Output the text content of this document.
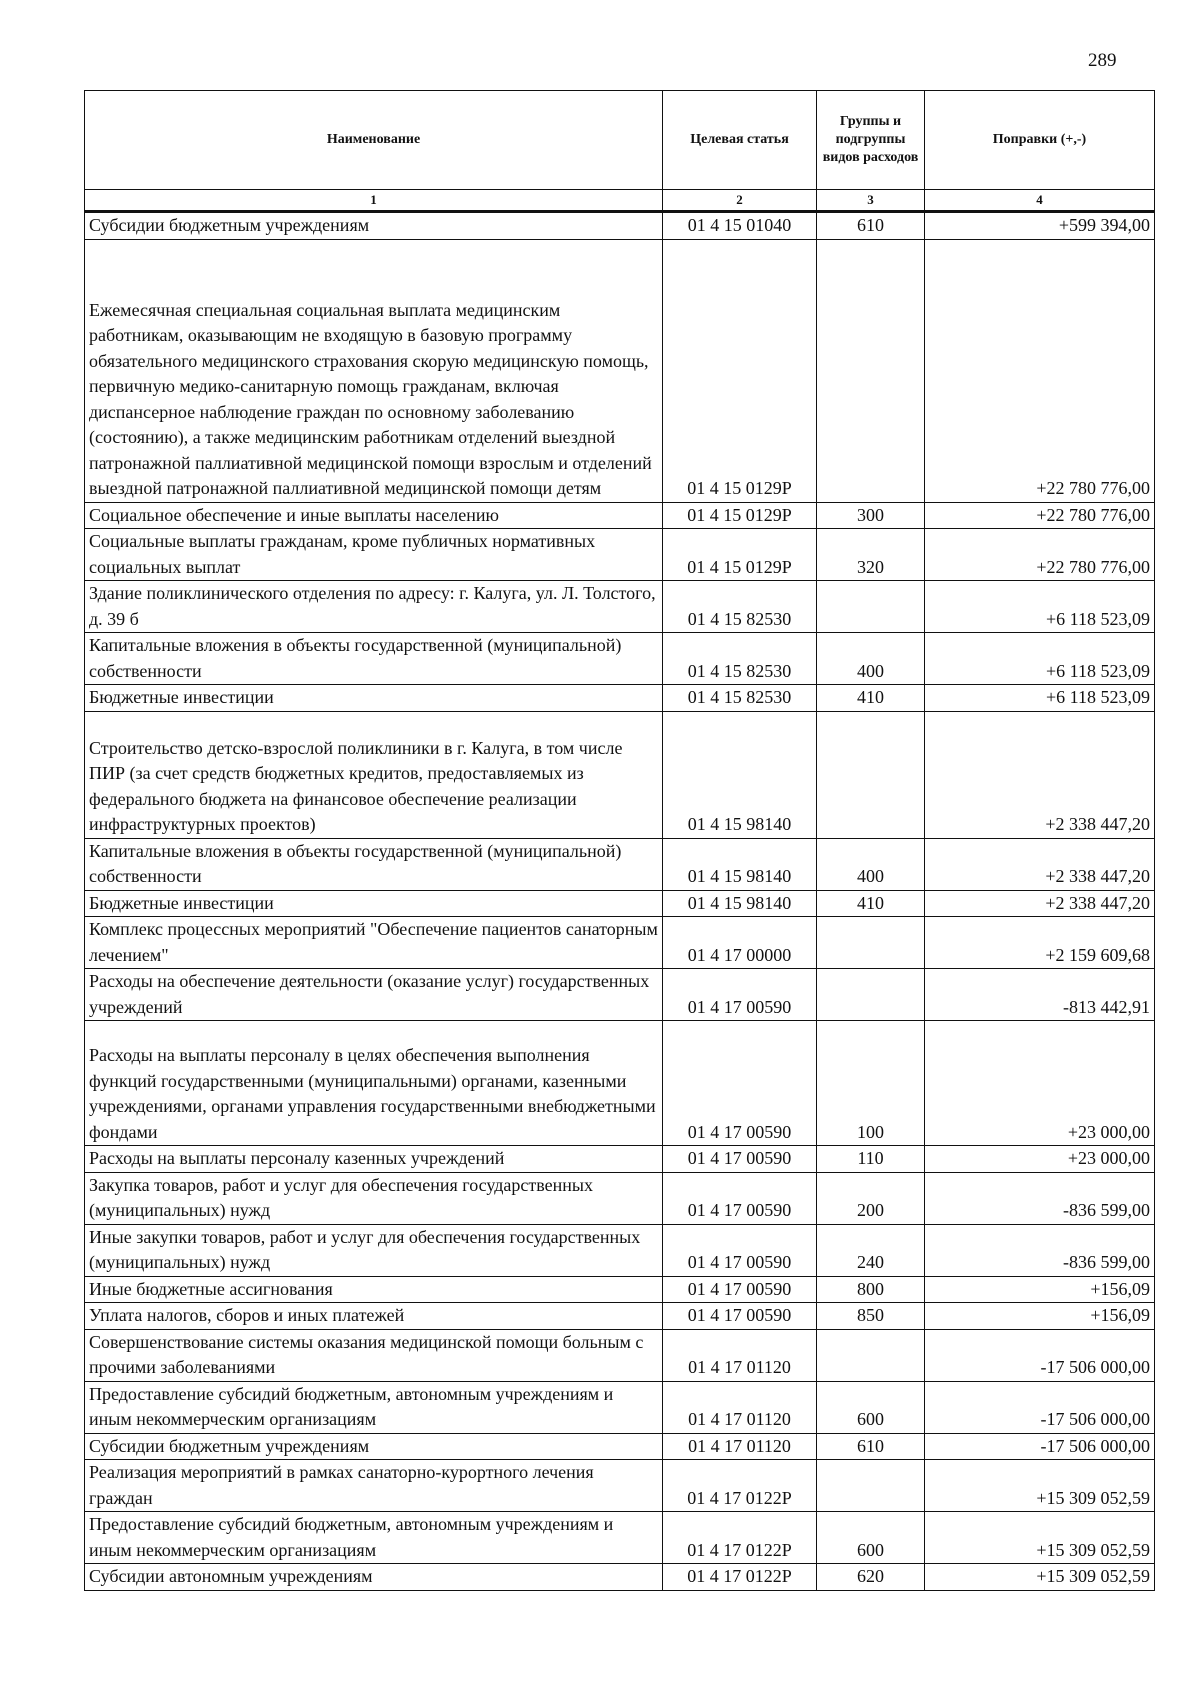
289
Наименование	Целевая статья	Группы и подгруппы видов расходов	Поправки (+,-)
1	2	3	4
Субсидии бюджетным учреждениям	01 4 15 01040	610	+599 394,00
Ежемесячная специальная социальная выплата медицинским работникам, оказывающим не входящую в базовую программу обязательного медицинского страхования скорую медицинскую помощь, первичную медико-санитарную помощь гражданам, включая диспансерное наблюдение граждан по основному заболеванию (состоянию), а также медицинским работникам отделений выездной патронажной паллиативной медицинской помощи взрослым и отделений выездной патронажной паллиативной медицинской помощи детям	01 4 15 0129P		+22 780 776,00
Социальное обеспечение и иные выплаты населению	01 4 15 0129P	300	+22 780 776,00
Социальные выплаты гражданам, кроме публичных нормативных социальных выплат	01 4 15 0129P	320	+22 780 776,00
Здание поликлинического отделения по адресу: г. Калуга, ул. Л. Толстого, д. 39 б	01 4 15 82530		+6 118 523,09
Капитальные вложения в объекты государственной (муниципальной) собственности	01 4 15 82530	400	+6 118 523,09
Бюджетные инвестиции	01 4 15 82530	410	+6 118 523,09
Строительство детско-взрослой поликлиники в г. Калуга, в том числе ПИР (за счет средств бюджетных кредитов, предоставляемых из федерального бюджета на финансовое обеспечение реализации инфраструктурных проектов)	01 4 15 98140		+2 338 447,20
Капитальные вложения в объекты государственной (муниципальной) собственности	01 4 15 98140	400	+2 338 447,20
Бюджетные инвестиции	01 4 15 98140	410	+2 338 447,20
Комплекс процессных мероприятий "Обеспечение пациентов санаторным лечением"	01 4 17 00000		+2 159 609,68
Расходы на обеспечение деятельности (оказание услуг) государственных учреждений	01 4 17 00590		-813 442,91
Расходы на выплаты персоналу в целях обеспечения выполнения функций государственными (муниципальными) органами, казенными учреждениями, органами управления государственными внебюджетными фондами	01 4 17 00590	100	+23 000,00
Расходы на выплаты персоналу казенных учреждений	01 4 17 00590	110	+23 000,00
Закупка товаров, работ и услуг для обеспечения государственных (муниципальных) нужд	01 4 17 00590	200	-836 599,00
Иные закупки товаров, работ и услуг для обеспечения государственных (муниципальных) нужд	01 4 17 00590	240	-836 599,00
Иные бюджетные ассигнования	01 4 17 00590	800	+156,09
Уплата налогов, сборов и иных платежей	01 4 17 00590	850	+156,09
Совершенствование системы оказания медицинской помощи больным с прочими заболеваниями	01 4 17 01120		-17 506 000,00
Предоставление субсидий бюджетным, автономным учреждениям и иным некоммерческим организациям	01 4 17 01120	600	-17 506 000,00
Субсидии бюджетным учреждениям	01 4 17 01120	610	-17 506 000,00
Реализация мероприятий в рамках санаторно-курортного лечения граждан	01 4 17 0122P		+15 309 052,59
Предоставление субсидий бюджетным, автономным учреждениям и иным некоммерческим организациям	01 4 17 0122P	600	+15 309 052,59
Субсидии автономным учреждениям	01 4 17 0122P	620	+15 309 052,59
